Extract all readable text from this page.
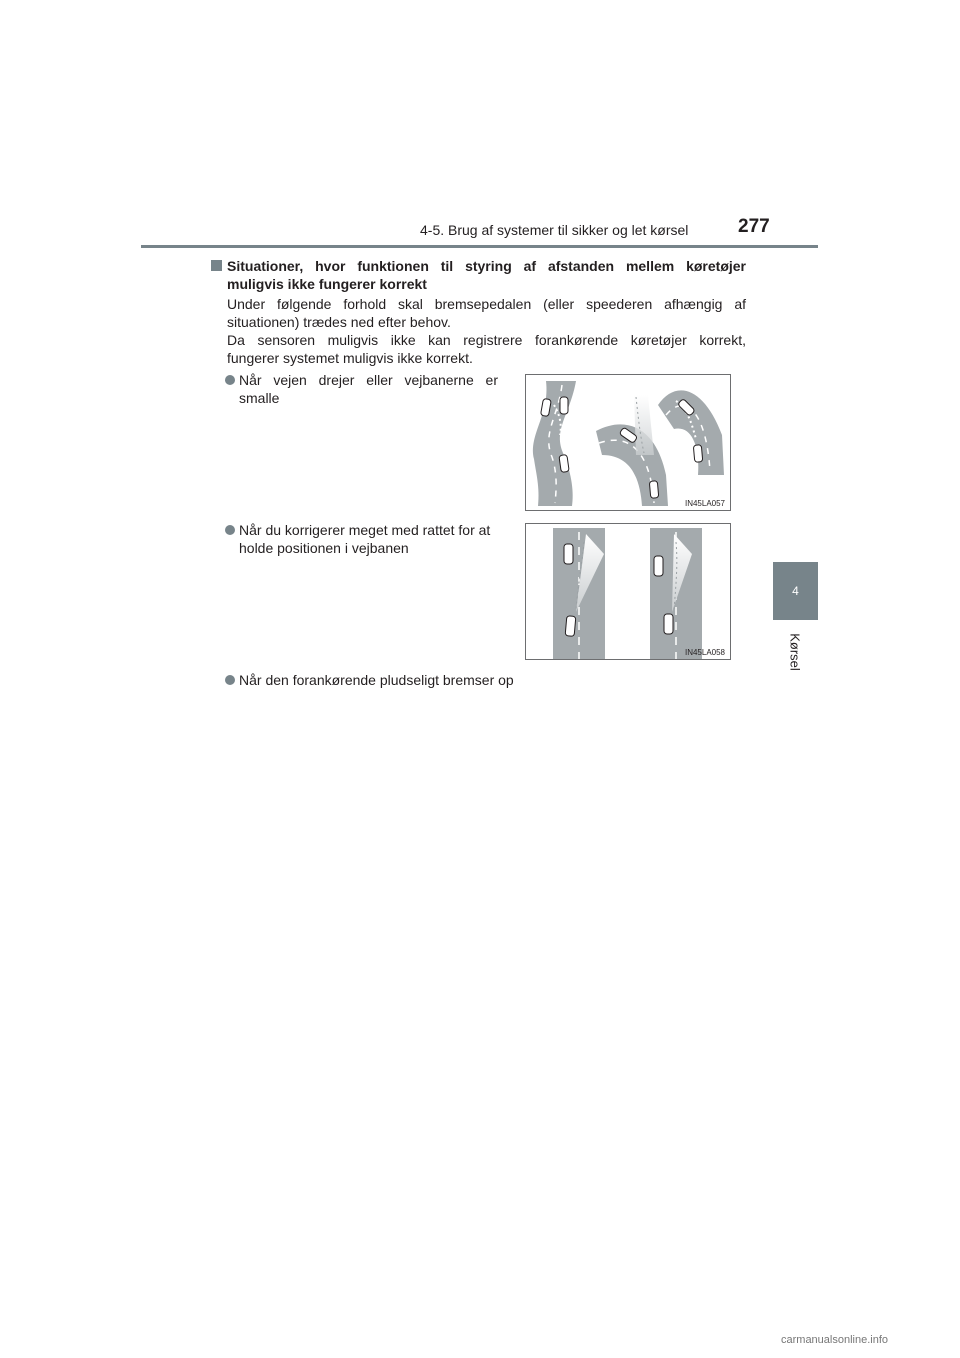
4-5. Brug af systemer til sikker og let kørsel	277
4
Kørsel
Situationer, hvor funktionen til styring af afstanden mellem køretøjer
muligvis ikke fungerer korrekt
Under følgende forhold skal bremsepedalen (eller speederen afhængig af
situationen) trædes ned efter behov.
Da sensoren muligvis ikke kan registrere forankørende køretøjer korrekt,
fungerer systemet muligvis ikke korrekt.
Når vejen drejer eller vejbanerne er
smalle
IN45LA057
Når du korrigerer meget med rattet for at
holde positionen i vejbanen
IN45LA058
Når den forankørende pludseligt bremser op
carmanualsonline.info
